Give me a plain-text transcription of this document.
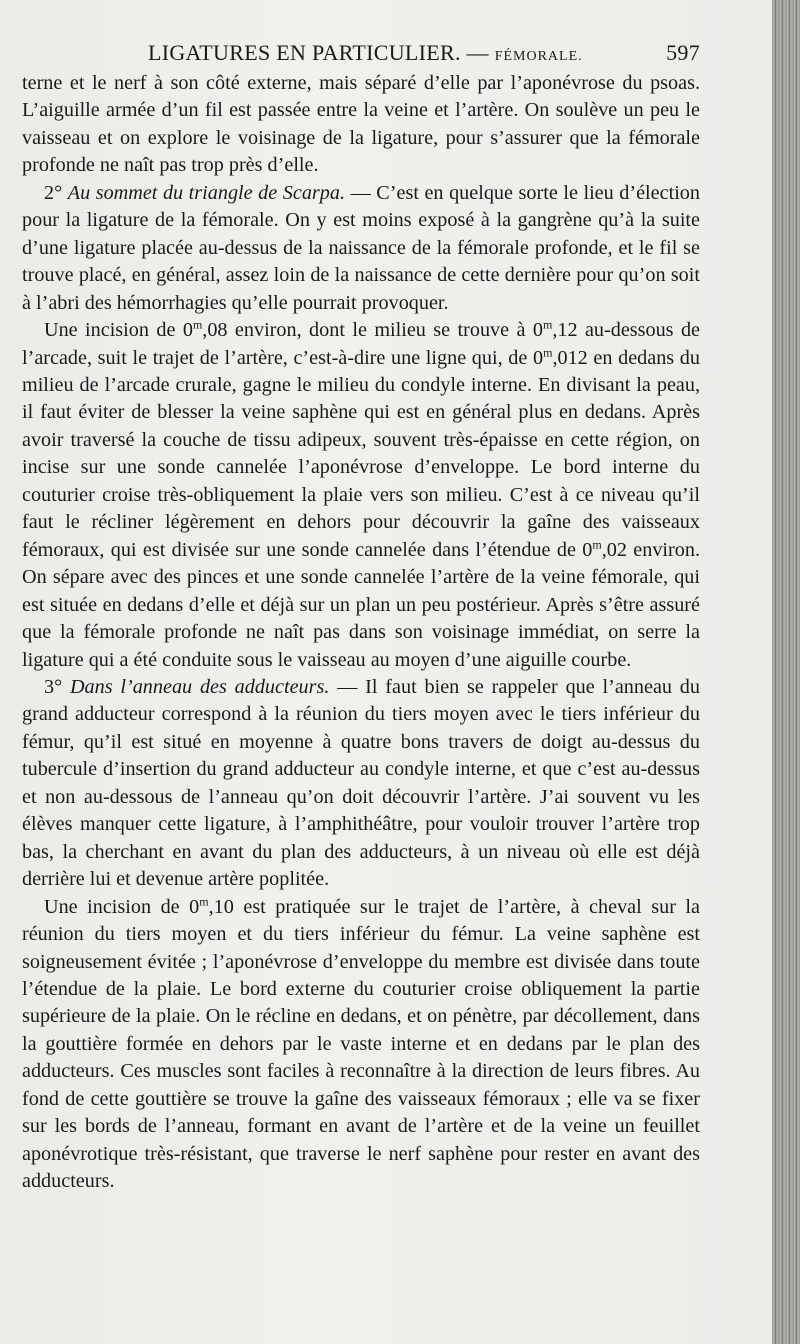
LIGATURES EN PARTICULIER. — FÉMORALE.	597

terne et le nerf à son côté externe, mais séparé d’elle par l’aponévrose du psoas. L’aiguille armée d’un fil est passée entre la veine et l’artère. On soulève un peu le vaisseau et on explore le voisinage de la ligature, pour s’assurer que la fémorale profonde ne naît pas trop près d’elle.

2° Au sommet du triangle de Scarpa. — C’est en quelque sorte le lieu d’élection pour la ligature de la fémorale. On y est moins exposé à la gangrène qu’à la suite d’une ligature placée au-dessus de la naissance de la fémorale profonde, et le fil se trouve placé, en général, assez loin de la naissance de cette dernière pour qu’on soit à l’abri des hémorrhagies qu’elle pourrait provoquer.

Une incision de 0$^m$,08 environ, dont le milieu se trouve à 0$^m$,12 au-dessous de l’arcade, suit le trajet de l’artère, c’est-à-dire une ligne qui, de 0$^m$,012 en dedans du milieu de l’arcade crurale, gagne le milieu du condyle interne. En divisant la peau, il faut éviter de blesser la veine saphène qui est en général plus en dedans. Après avoir traversé la couche de tissu adipeux, souvent très-épaisse en cette région, on incise sur une sonde cannelée l’aponévrose d’enveloppe. Le bord interne du couturier croise très-obliquement la plaie vers son milieu. C’est à ce niveau qu’il faut le récliner légèrement en dehors pour découvrir la gaîne des vaisseaux fémoraux, qui est divisée sur une sonde cannelée dans l’étendue de 0$^m$,02 environ. On sépare avec des pinces et une sonde cannelée l’artère de la veine fémorale, qui est située en dedans d’elle et déjà sur un plan un peu postérieur. Après s’être assuré que la fémorale profonde ne naît pas dans son voisinage immédiat, on serre la ligature qui a été conduite sous le vaisseau au moyen d’une aiguille courbe.

3° Dans l’anneau des adducteurs. — Il faut bien se rappeler que l’anneau du grand adducteur correspond à la réunion du tiers moyen avec le tiers inférieur du fémur, qu’il est situé en moyenne à quatre bons travers de doigt au-dessus du tubercule d’insertion du grand adducteur au condyle interne, et que c’est au-dessus et non au-dessous de l’anneau qu’on doit découvrir l’artère. J’ai souvent vu les élèves manquer cette ligature, à l’amphithéâtre, pour vouloir trouver l’artère trop bas, la cherchant en avant du plan des adducteurs, à un niveau où elle est déjà derrière lui et devenue artère poplitée.

Une incision de 0$^m$,10 est pratiquée sur le trajet de l’artère, à cheval sur la réunion du tiers moyen et du tiers inférieur du fémur. La veine saphène est soigneusement évitée ; l’aponévrose d’enveloppe du membre est divisée dans toute l’étendue de la plaie. Le bord externe du couturier croise obliquement la partie supérieure de la plaie. On le récline en dedans, et on pénètre, par décollement, dans la gouttière formée en dehors par le vaste interne et en dedans par le plan des adducteurs. Ces muscles sont faciles à reconnaître à la direction de leurs fibres. Au fond de cette gouttière se trouve la gaîne des vaisseaux fémoraux ; elle va se fixer sur les bords de l’anneau, formant en avant de l’artère et de la veine un feuillet aponévrotique très-résistant, que traverse le nerf saphène pour rester en avant des adducteurs.
